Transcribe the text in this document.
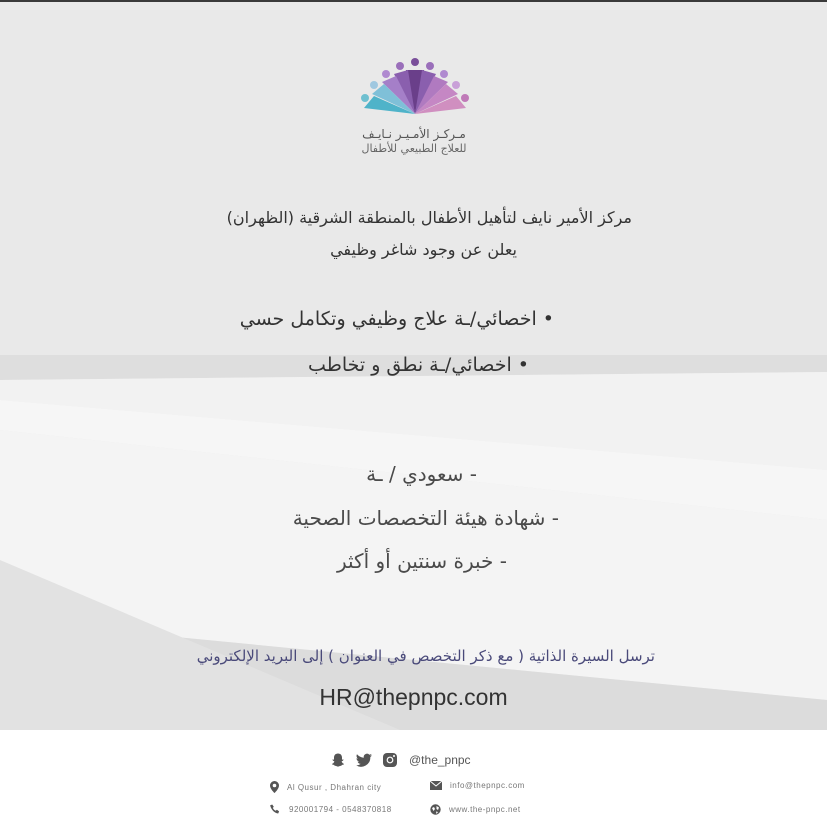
مـركـز الأمـيـر نـايـف
للعلاج الطبيعي للأطفال
مركز الأمير نايف لتأهيل الأطفال بالمنطقة الشرقية (الظهران)
يعلن عن وجود شاغر وظيفي
• اخصائي/ـة علاج وظيفي وتكامل حسي
• اخصائي/ـة نطق و تخاطب
- سعودي / ـة
- شهادة هيئة التخصصات الصحية
- خبرة سنتين أو أكثر
ترسل السيرة الذاتية ( مع ذكر التخصص في العنوان ) إلى البريد الإلكتروني
HR@thepnpc.com
@the_pnpc
Al Qusur , Dhahran city
920001794 - 0548370818
info@thepnpc.com
www.the-pnpc.net
